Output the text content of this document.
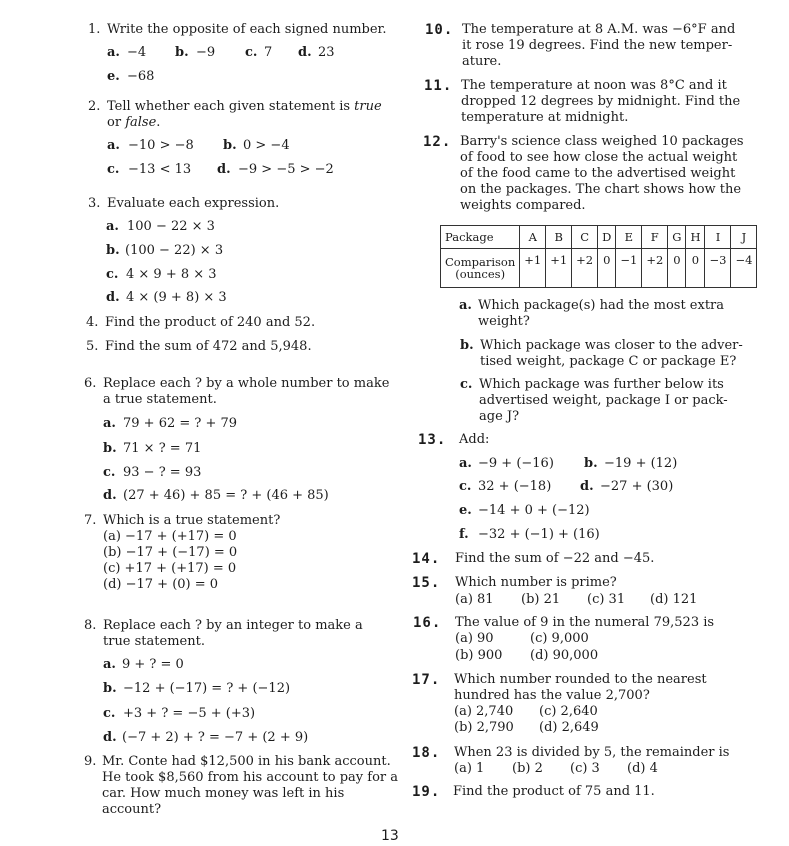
1. Write the opposite of each signed number.
a. −4 b. −9 c. 7 d. 23
e. −68
2. Tell whether each given statement is true
or false.
a. −10 > −8 b. 0 > −4
c. −13 < 13 d. −9 > −5 > −2
3. Evaluate each expression.
a. 100 − 22 × 3
b. (100 − 22) × 3
c. 4 × 9 + 8 × 3
d. 4 × (9 + 8) × 3
4. Find the product of 240 and 52.
5. Find the sum of 472 and 5,948.
6. Replace each ? by a whole number to make
a true statement.
a. 79 + 62 = ? + 79
b. 71 × ? = 71
c. 93 − ? = 93
d. (27 + 46) + 85 = ? + (46 + 85)
7. Which is a true statement?
(a) −17 + (+17) = 0
(b) −17 + (−17) = 0
(c) +17 + (+17) = 0
(d) −17 + (0) = 0
8. Replace each ? by an integer to make a
true statement.
a. 9 + ? = 0
b. −12 + (−17) = ? + (−12)
c. +3 + ? = −5 + (+3)
d. (−7 + 2) + ? = −7 + (2 + 9)
9. Mr. Conte had $12,500 in his bank account.
He took $8,560 from his account to pay for a
car. How much money was left in his
account?
10. The temperature at 8 A.M. was −6°F and
it rose 19 degrees. Find the new temper-
ature.
11. The temperature at noon was 8°C and it
dropped 12 degrees by midnight. Find the
temperature at midnight.
12. Barry's science class weighed 10 packages
of food to see how close the actual weight
of the food came to the advertised weight
on the packages. The chart shows how the
weights compared.
Package	A	B	C	D	E	F	G	H	I	J
Comparison
(ounces)	+1	+1	+2	0	−1	+2	0	0	−3	−4
a. Which package(s) had the most extra
weight?
b. Which package was closer to the adver-
tised weight, package C or package E?
c. Which package was further below its
advertised weight, package I or pack-
age J?
13. Add:
a. −9 + (−16) b. −19 + (12)
c. 32 + (−18) d. −27 + (30)
e. −14 + 0 + (−12)
f. −32 + (−1) + (16)
14. Find the sum of −22 and −45.
15. Which number is prime?
(a) 81 (b) 21 (c) 31 (d) 121
16. The value of 9 in the numeral 79,523 is
(a) 90	(c) 9,000
(b) 900 (d) 90,000
17. Which number rounded to the nearest
hundred has the value 2,700?
(a) 2,740 (c) 2,640
(b) 2,790 (d) 2,649
18. When 23 is divided by 5, the remainder is
(a) 1 (b) 2 (c) 3 (d) 4
19. Find the product of 75 and 11.
13
